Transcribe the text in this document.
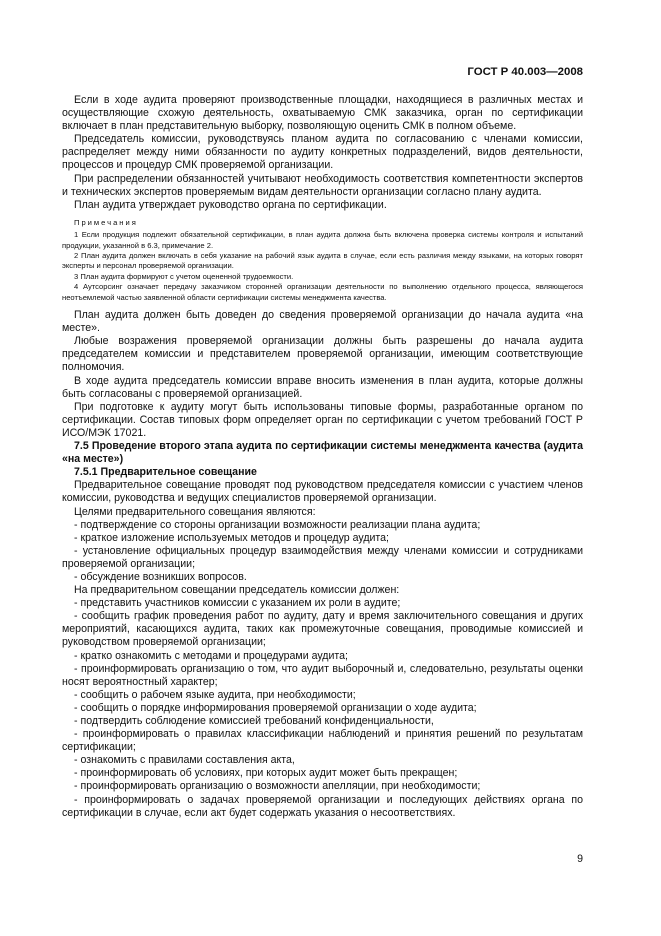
ГОСТ Р 40.003—2008

Если в ходе аудита проверяют производственные площадки, находящиеся в различных местах и осуществляющие схожую деятельность, охватываемую СМК заказчика, орган по сертификации включает в план представительную выборку, позволяющую оценить СМК в полном объеме.

Председатель комиссии, руководствуясь планом аудита по согласованию с членами комиссии, распределяет между ними обязанности по аудиту конкретных подразделений, видов деятельности, процессов и процедур СМК проверяемой организации.

При распределении обязанностей учитывают необходимость соответствия компетентности экспертов и технических экспертов проверяемым видам деятельности организации согласно плану аудита.

План аудита утверждает руководство органа по сертификации.

Примечания

1 Если продукция подлежит обязательной сертификации, в план аудита должна быть включена проверка системы контроля и испытаний продукции, указанной в 6.3, примечание 2.

2 План аудита должен включать в себя указание на рабочий язык аудита в случае, если есть различия между языками, на которых говорят эксперты и персонал проверяемой организации.

3 План аудита формируют с учетом оцененной трудоемкости.

4 Аутсорсинг означает передачу заказчиком сторонней организации деятельности по выполнению отдельного процесса, являющегося неотъемлемой частью заявленной области сертификации системы менеджмента качества.

План аудита должен быть доведен до сведения проверяемой организации до начала аудита «на месте».

Любые возражения проверяемой организации должны быть разрешены до начала аудита председателем комиссии и представителем проверяемой организации, имеющим соответствующие полномочия.

В ходе аудита председатель комиссии вправе вносить изменения в план аудита, которые должны быть согласованы с проверяемой организацией.

При подготовке к аудиту могут быть использованы типовые формы, разработанные органом по сертификации. Состав типовых форм определяет орган по сертификации с учетом требований ГОСТ Р ИСО/МЭК 17021.

7.5 Проведение второго этапа аудита по сертификации системы менеджмента качества (аудита «на месте»)

7.5.1 Предварительное совещание

Предварительное совещание проводят под руководством председателя комиссии с участием членов комиссии, руководства и ведущих специалистов проверяемой организации.

Целями предварительного совещания являются:

- подтверждение со стороны организации возможности реализации плана аудита;

- краткое изложение используемых методов и процедур аудита;

- установление официальных процедур взаимодействия между членами комиссии и сотрудниками проверяемой организации;

- обсуждение возникших вопросов.

На предварительном совещании председатель комиссии должен:

- представить участников комиссии с указанием их роли в аудите;

- сообщить график проведения работ по аудиту, дату и время заключительного совещания и других мероприятий, касающихся аудита, таких как промежуточные совещания, проводимые комиссией и руководством проверяемой организации;

- кратко ознакомить с методами и процедурами аудита;

- проинформировать организацию о том, что аудит выборочный и, следовательно, результаты оценки носят вероятностный характер;

- сообщить о рабочем языке аудита, при необходимости;

- сообщить о порядке информирования проверяемой организации о ходе аудита;

- подтвердить соблюдение комиссией требований конфиденциальности,

- проинформировать о правилах классификации наблюдений и принятия решений по результатам сертификации;

- ознакомить с правилами составления акта,

- проинформировать об условиях, при которых аудит может быть прекращен;

- проинформировать организацию о возможности апелляции, при необходимости;

- проинформировать о задачах проверяемой организации и последующих действиях органа по сертификации в случае, если акт будет содержать указания о несоответствиях.

9
